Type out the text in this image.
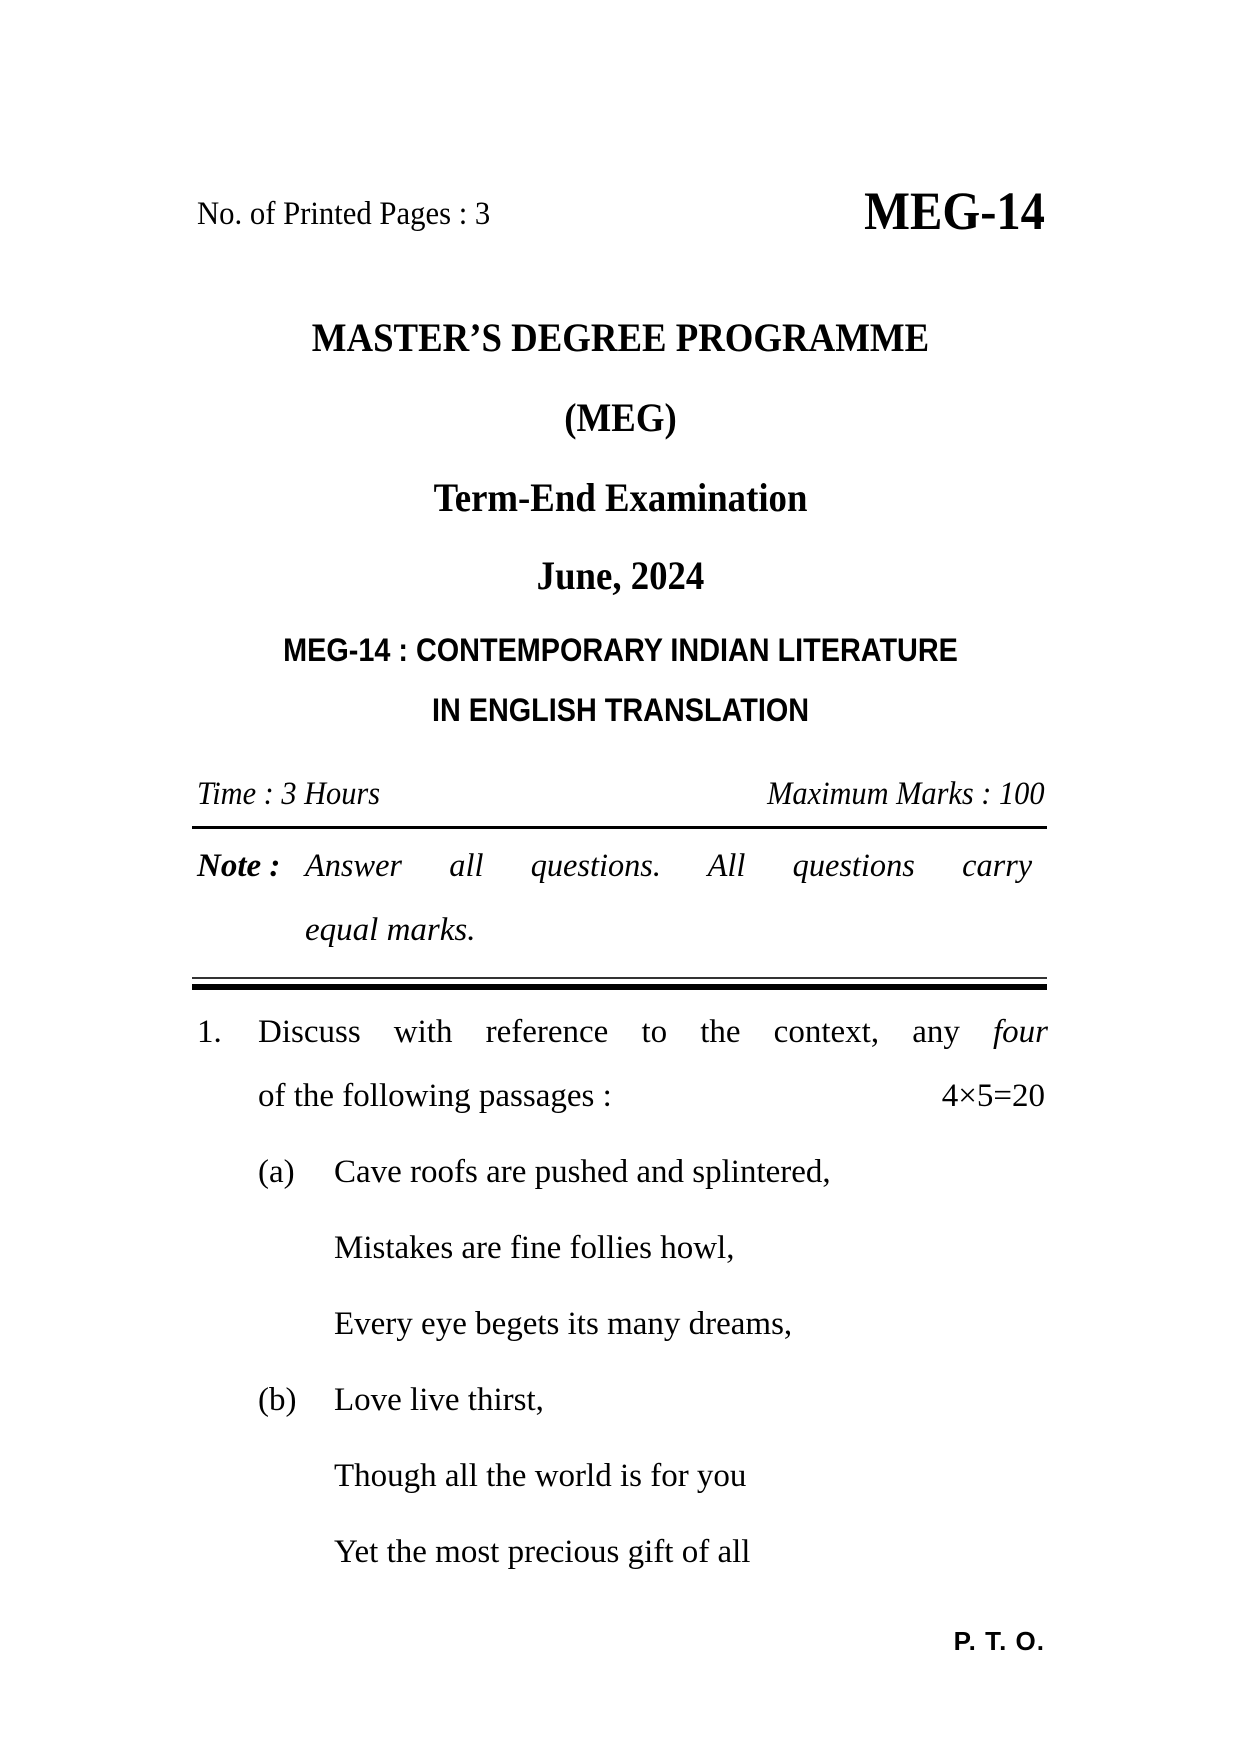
No. of Printed Pages : 3	MEG-14
MASTER’S DEGREE PROGRAMME
(MEG)
Term-End Examination
June, 2024
MEG-14 : CONTEMPORARY INDIAN LITERATURE
IN ENGLISH TRANSLATION
Time : 3 Hours	Maximum Marks : 100
Note : Answer all questions. All questions carry
equal marks.
1. Discuss with reference to the context, any four
of the following passages :	4×5=20
(a) Cave roofs are pushed and splintered,
Mistakes are fine follies howl,
Every eye begets its many dreams,
(b) Love live thirst,
Though all the world is for you
Yet the most precious gift of all
P. T. O.
